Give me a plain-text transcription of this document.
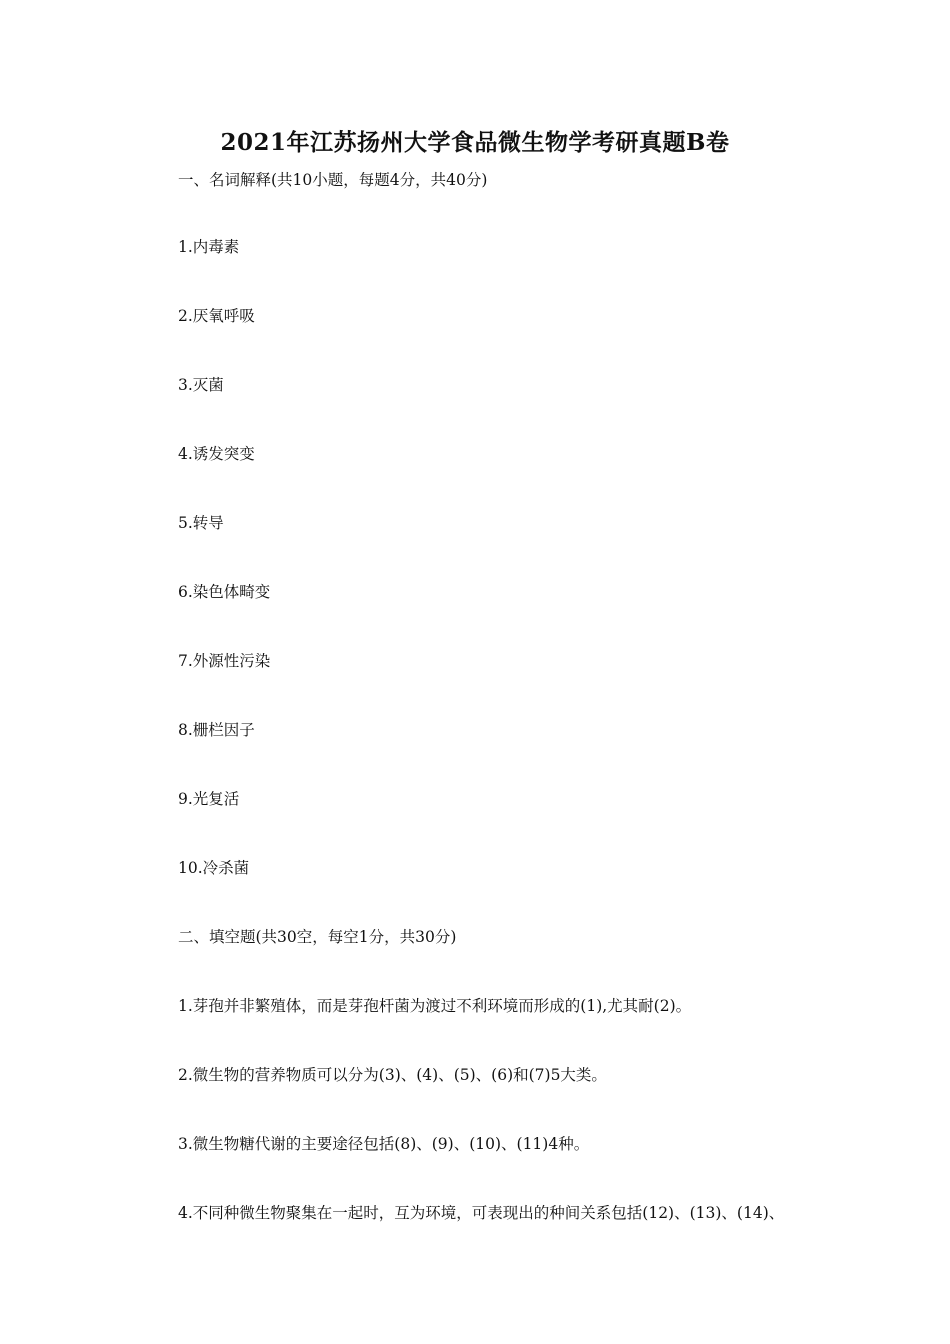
2021年江苏扬州大学食品微生物学考研真题B卷
一、名词解释(共10小题，每题4分，共40分)
1.内毒素
2.厌氧呼吸
3.灭菌
4.诱发突变
5.转导
6.染色体畸变
7.外源性污染
8.栅栏因子
9.光复活
10.冷杀菌
二、填空题(共30空，每空1分，共30分)
1.芽孢并非繁殖体，而是芽孢杆菌为渡过不利环境而形成的(1),尤其耐(2)。
2.微生物的营养物质可以分为(3)、(4)、(5)、(6)和(7)5大类。
3.微生物糖代谢的主要途径包括(8)、(9)、(10)、(11)4种。
4.不同种微生物聚集在一起时，互为环境，可表现出的种间关系包括(12)、(13)、(14)、
